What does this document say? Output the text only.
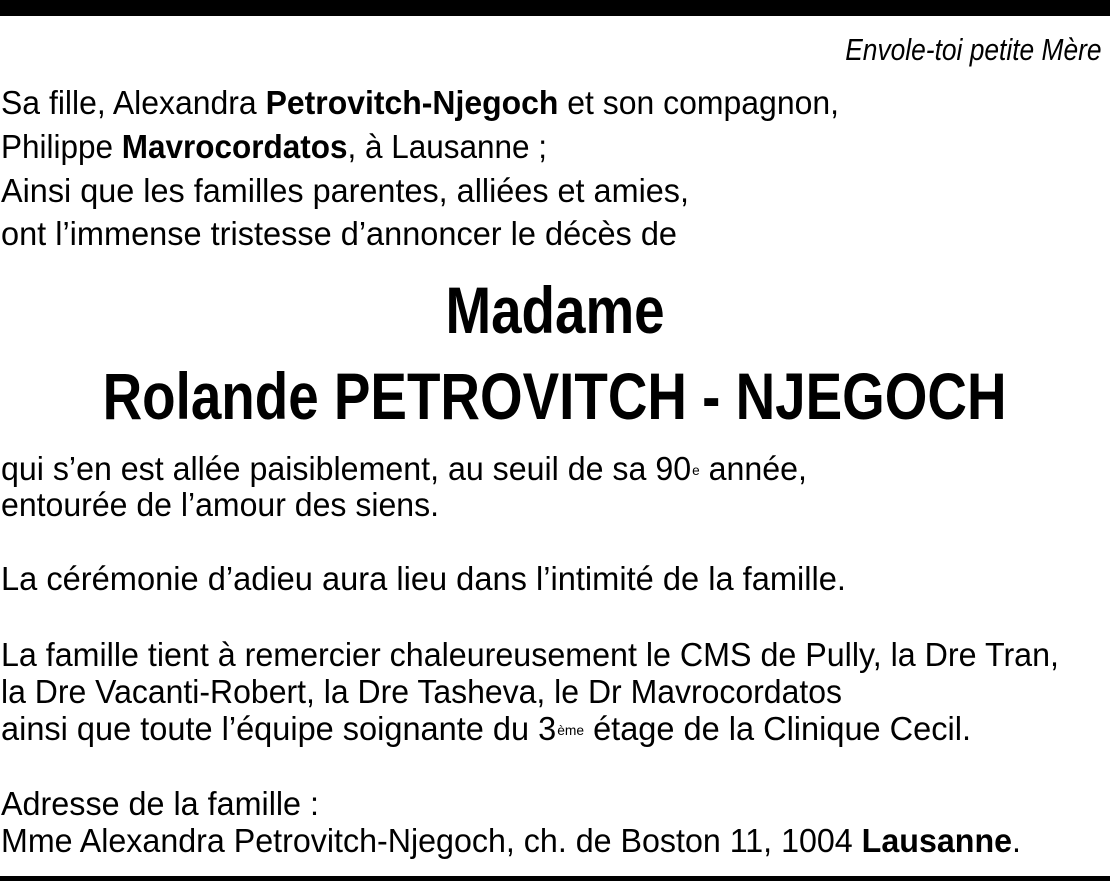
Envole-toi petite Mère

Sa fille, Alexandra Petrovitch-Njegoch et son compagnon,

Philippe Mavrocordatos, à Lausanne ;

Ainsi que les familles parentes, alliées et amies,

ont l’immense tristesse d’annoncer le décès de

Madame

Rolande PETROVITCH - NJEGOCH

qui s’en est allée paisiblement, au seuil de sa 90e année,

entourée de l’amour des siens.

La cérémonie d’adieu aura lieu dans l’intimité de la famille.

La famille tient à remercier chaleureusement le CMS de Pully, la Dre Tran,

la Dre Vacanti-Robert, la Dre Tasheva, le Dr Mavrocordatos

ainsi que toute l’équipe soignante du 3ème étage de la Clinique Cecil.

Adresse de la famille :

Mme Alexandra Petrovitch-Njegoch, ch. de Boston 11, 1004 Lausanne.
